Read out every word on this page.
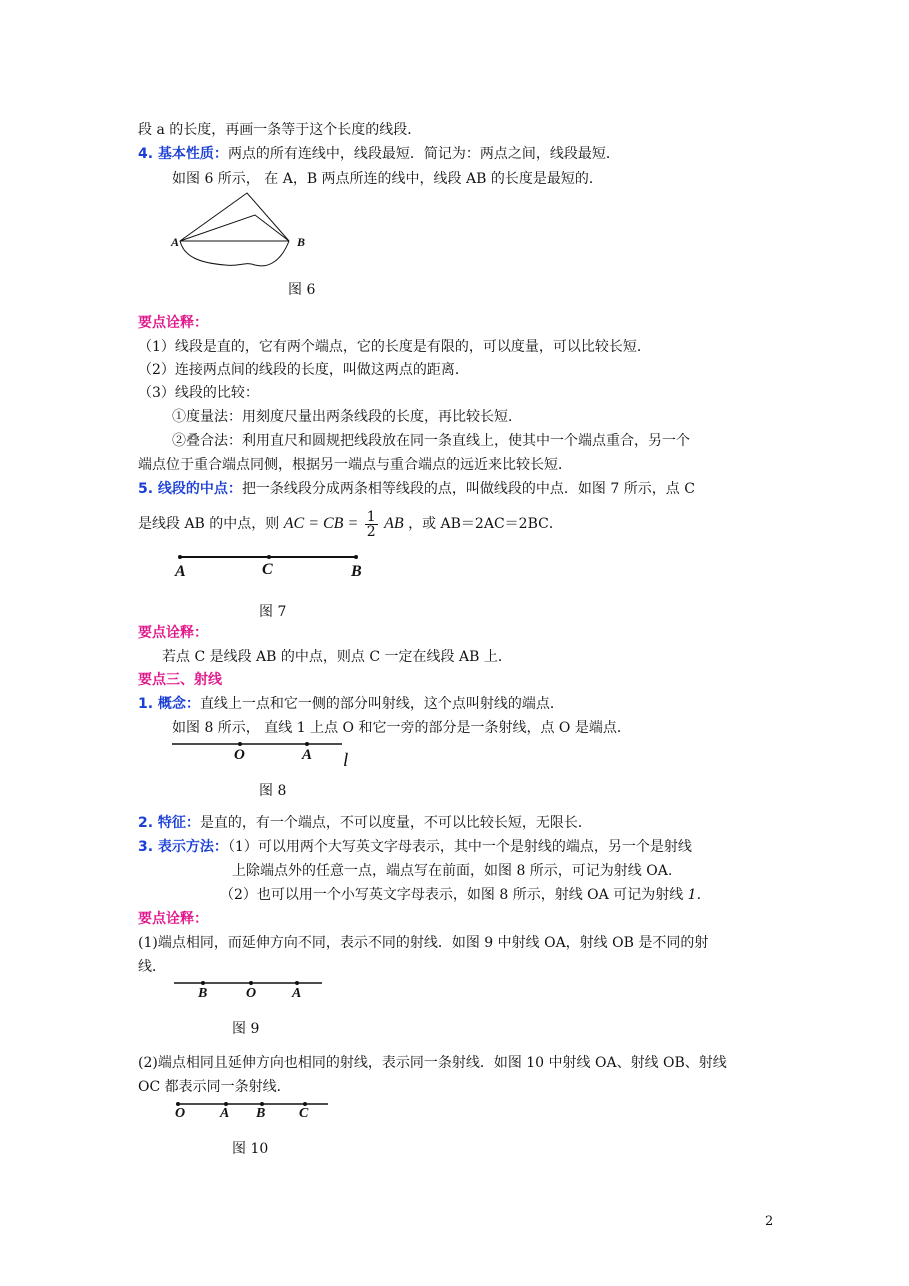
段 a 的长度，再画一条等于这个长度的线段．
4. 基本性质：两点的所有连线中，线段最短．简记为：两点之间，线段最短．
如图 6 所示， 在 A，B 两点所连的线中，线段 AB 的长度是最短的．
A	B
图 6
要点诠释：
（1）线段是直的，它有两个端点，它的长度是有限的，可以度量，可以比较长短．
（2）连接两点间的线段的长度，叫做这两点的距离．
（3）线段的比较：
①度量法：用刻度尺量出两条线段的长度，再比较长短．
②叠合法：利用直尺和圆规把线段放在同一条直线上，使其中一个端点重合，另一个
端点位于重合端点同侧，根据另一端点与重合端点的远近来比较长短．
5. 线段的中点：把一条线段分成两条相等线段的点，叫做线段的中点．如图 7 所示，点 C
是线段 AB 的中点，则 AC = CB = $\frac{1}{2}$ AB ，或 AB＝2AC＝2BC．
A	C	B
图 7
要点诠释：
若点 C 是线段 AB 的中点，则点 C 一定在线段 AB 上．
要点三、射线
1. 概念：直线上一点和它一侧的部分叫射线，这个点叫射线的端点．
如图 8 所示， 直线 1 上点 O 和它一旁的部分是一条射线，点 O 是端点．
O	A l
图 8
2. 特征：是直的，有一个端点，不可以度量，不可以比较长短，无限长．
3. 表示方法：（1）可以用两个大写英文字母表示，其中一个是射线的端点，另一个是射线
上除端点外的任意一点，端点写在前面，如图 8 所示，可记为射线 OA.
（2）也可以用一个小写英文字母表示，如图 8 所示，射线 OA 可记为射线 1.
要点诠释：
(1)端点相同，而延伸方向不同，表示不同的射线．如图 9 中射线 OA，射线 OB 是不同的射
线．
B	O	A
图 9
(2)端点相同且延伸方向也相同的射线，表示同一条射线．如图 10 中射线 OA、射线 OB、射线
OC 都表示同一条射线．
O A B C
图 10
2
